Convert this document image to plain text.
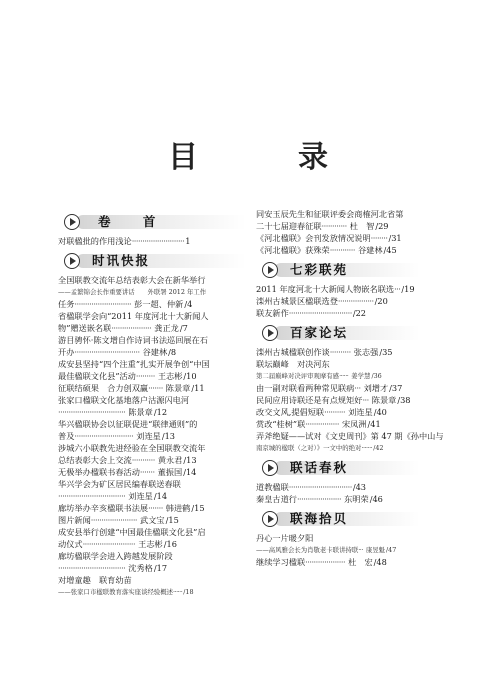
目	录
卷 首
对联楹批的作用浅论·························1
时讯快报
全国联教交流年总结表彰大会在新华举行
——孟繁锦会长作重要讲话　　外联署 2012 年工作
任务··························· 彭一超、仲新/4
省楹联学会向“2011 年度河北十大新闻人
物”赠送嵌名联··················· 龚正龙/7
游目骋怀·陈文增自作诗词书法巡回展在石
开办······························· 谷建林/8
成安县坚持“四个注重”扎实开展争创“中国
最佳楹联文化县”活动········· 王志彬/10
征联结硕果　合力创双赢······· 陈景章/11
张家口楹联文化基地落户沽源闪电河
································ 陈景章/12
华兴楹联协会以征联促进“联律通则”的
普及···························· 刘连星/13
涉城六小联教先进经验在全国联教交流年
总结表彰大会上交流··········· 黄永君/13
无极举办楹联书春活动······· 董振国/14
华兴学会为矿区居民编春联送春联
································ 刘连星/14
廊坊举办辛亥楹联书法展······· 韩进鹤/15
图片新闻······················ 武文宝/15
成安县举行创建“中国最佳楹联文化县”启
动仪式························· 王志彬/16
廊坊楹联学会进入跨越发展阶段
································ 沈秀格/17
对增童趣　联育幼苗
——张家口市楹联教育落实座谈经验概述······/18
同安玉辰先生和征联评委会商榷河北省第
二十七届迎春征联············ 杜　智/29
《河北楹联》会刊发放情况说明········/31
《河北楹联》获殊荣············ 谷建林/45
七彩联苑
2011 年度河北十大新闻人物嵌名联选···/19
滦州古城景区楹联选登·················/20
联友新作······························/22
百家论坛
滦州古城楹联创作谈·········· 张志强/35
联坛巅峰　对决河东
第二届巅峰对决评审观摩有感······ 姜学慧/36
由一副对联看两种常见联病··· 刘增才/37
民间应用诗联还是有点规矩好··· 陈景章/38
改交文风,提倡短联·········· 刘连星/40
赏改“桂树”联················ 宋凤洲/41
弄斧绝疑——试对《文史周刊》第 47 期《孙中山与
南京城的楹联（之对）》一文中的绝对·······/42
联话春秋
道教楹联······························/43
秦皇古道行····················· 东明荣/46
联海拾贝
丹心一片暖夕阳
——高风雅会长为肖敬老卡联讲持联··· 康昱魁/47
继续学习楹联··················· 杜　宏/48
